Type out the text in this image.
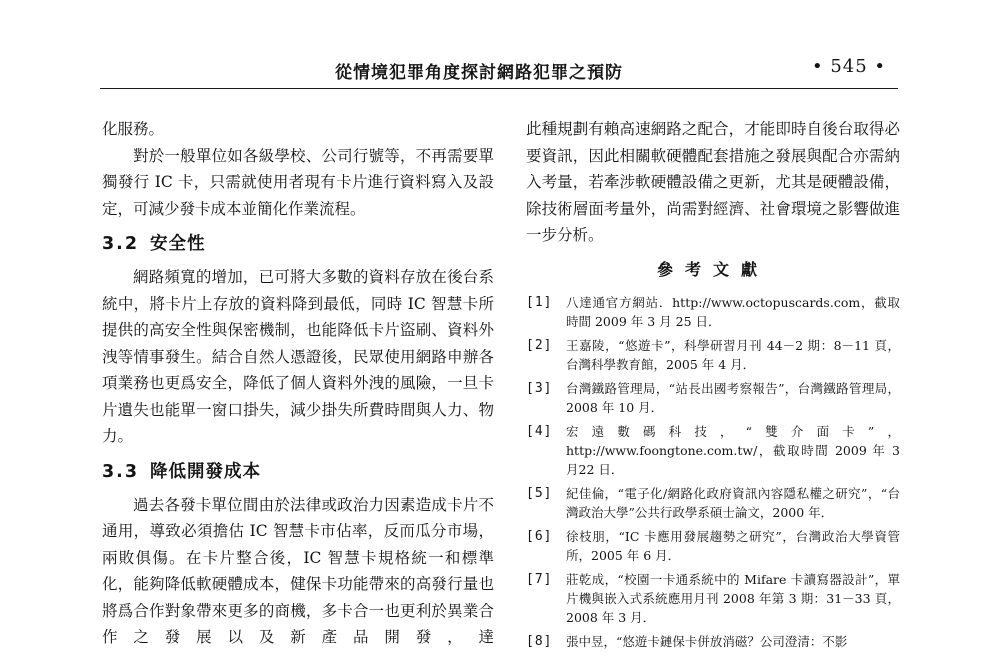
從情境犯罪角度探討網路犯罪之預防	• 545 •

化服務。

對於一般單位如各級學校、公司行號等，不再需要單獨發行 IC 卡，只需就使用者現有卡片進行資料寫入及設定，可減少發卡成本並簡化作業流程。

3.2 安全性

網路頻寬的增加，已可將大多數的資料存放在後台系統中，將卡片上存放的資料降到最低，同時 IC 智慧卡所提供的高安全性與保密機制，也能降低卡片盜刷、資料外洩等情事發生。結合自然人憑證後，民眾使用網路申辦各項業務也更爲安全，降低了個人資料外洩的風險，一旦卡片遺失也能單一窗口掛失，減少掛失所費時間與人力、物力。

3.3 降低開發成本

過去各發卡單位間由於法律或政治力因素造成卡片不通用，導致必須擔估 IC 智慧卡市佔率，反而瓜分市場，兩敗俱傷。在卡片整合後，IC 智慧卡規格統一和標準化，能夠降低軟硬體成本，健保卡功能帶來的高發行量也將爲合作對象帶來更多的商機，多卡合一也更利於異業合作之發展以及新產品開發，達

此種規劃有賴高速網路之配合，才能即時自後台取得必要資訊，因此相關軟硬體配套措施之發展與配合亦需納入考量，若牽涉軟硬體設備之更新，尤其是硬體設備，除技術層面考量外，尚需對經濟、社會環境之影響做進一步分析。

參考文獻
[1] 八達通官方網站．http://www.octopuscards.com，截取時間 2009 年 3 月 25 日．
[2] 王嘉陵，“悠遊卡”，科學研習月刊 44－2 期：8－11 頁，台灣科學教育館，2005 年 4 月．
[3] 台灣鐵路管理局，“站長出國考察報告”，台灣鐵路管理局，2008 年 10 月．
[4] 宏遠數碼科技，“雙介面卡”，http://www.foongtone.com.tw/，截取時間 2009 年 3 月22 日．
[5] 紀佳倫，“電子化/網路化政府資訊內容隱私權之研究”，“台灣政治大學”公共行政學系碩士論文，2000 年．
[6] 徐枝朋，“IC 卡應用發展趨勢之研究”，台灣政治大學資管所，2005 年 6 月．
[7] 莊乾成，“校園一卡通系統中的 Mifare 卡讀寫器設計”，單片機與嵌入式系統應用月刊 2008 年第 3 期：31－33 頁，2008 年 3 月．
[8] 張中昱，“悠遊卡鏈保卡併放消磁？公司澄清：不影
